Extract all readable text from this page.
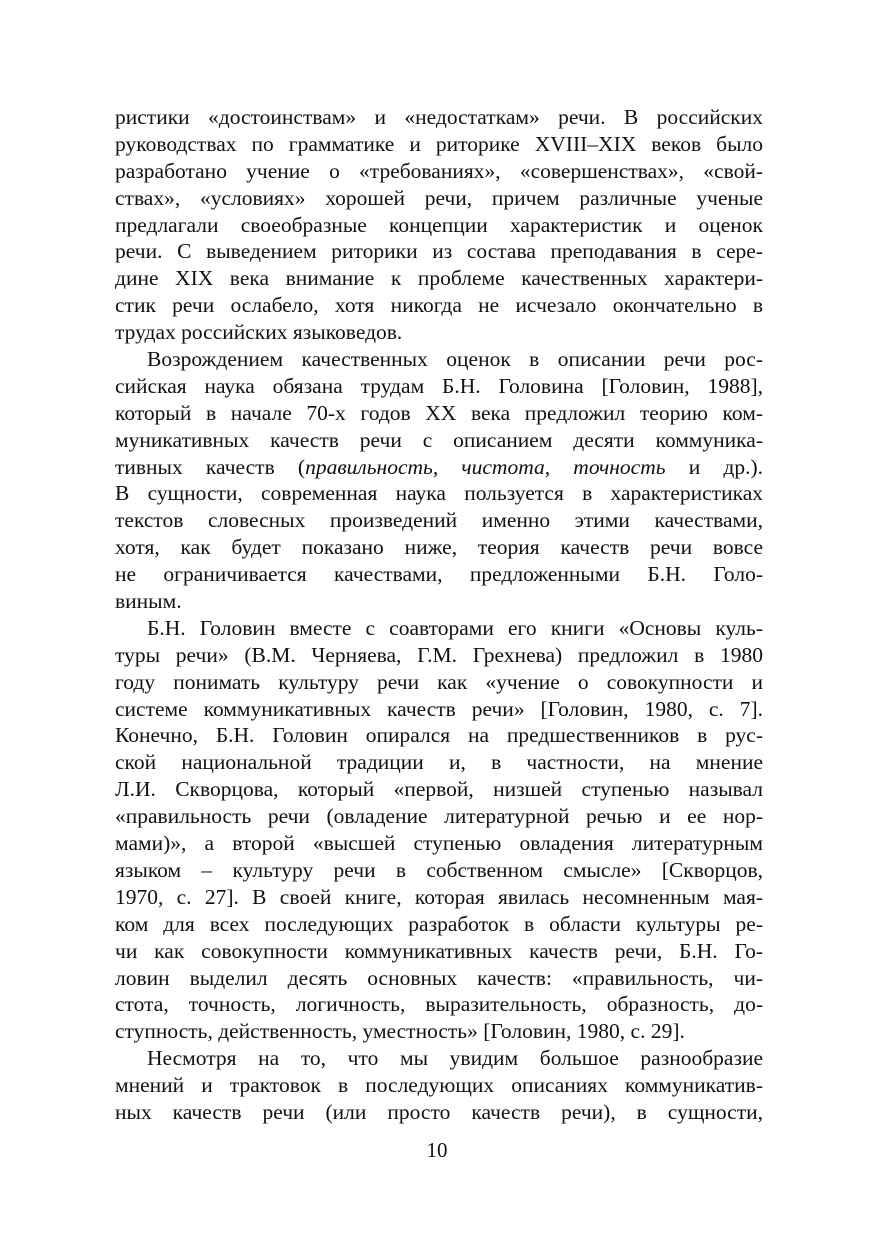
ристики «достоинствам» и «недостаткам» речи. В российских
руководствах по грамматике и риторике XVIII–XIX веков было
разработано учение о «требованиях», «совершенствах», «свой-
ствах», «условиях» хорошей речи, причем различные ученые
предлагали своеобразные концепции характеристик и оценок
речи. С выведением риторики из состава преподавания в сере-
дине XIX века внимание к проблеме качественных характери-
стик речи ослабело, хотя никогда не исчезало окончательно в
трудах российских языковедов.
Возрождением качественных оценок в описании речи рос-
сийская наука обязана трудам Б.Н. Головина [Головин, 1988],
который в начале 70-х годов XX века предложил теорию ком-
муникативных качеств речи с описанием десяти коммуника-
тивных качеств (правильность, чистота, точность и др.).
В сущности, современная наука пользуется в характеристиках
текстов словесных произведений именно этими качествами,
хотя, как будет показано ниже, теория качеств речи вовсе
не ограничивается качествами, предложенными Б.Н. Голо-
виным.
Б.Н. Головин вместе с соавторами его книги «Основы куль-
туры речи» (В.М. Черняева, Г.М. Грехнева) предложил в 1980
году понимать культуру речи как «учение о совокупности и
системе коммуникативных качеств речи» [Головин, 1980, с. 7].
Конечно, Б.Н. Головин опирался на предшественников в рус-
ской национальной традиции и, в частности, на мнение
Л.И. Скворцова, который «первой, низшей ступенью называл
«правильность речи (овладение литературной речью и ее нор-
мами)», а второй «высшей ступенью овладения литературным
языком – культуру речи в собственном смысле» [Скворцов,
1970, с. 27]. В своей книге, которая явилась несомненным мая-
ком для всех последующих разработок в области культуры ре-
чи как совокупности коммуникативных качеств речи, Б.Н. Го-
ловин выделил десять основных качеств: «правильность, чи-
стота, точность, логичность, выразительность, образность, до-
ступность, действенность, уместность» [Головин, 1980, с. 29].
Несмотря на то, что мы увидим большое разнообразие
мнений и трактовок в последующих описаниях коммуникатив-
ных качеств речи (или просто качеств речи), в сущности,
10
